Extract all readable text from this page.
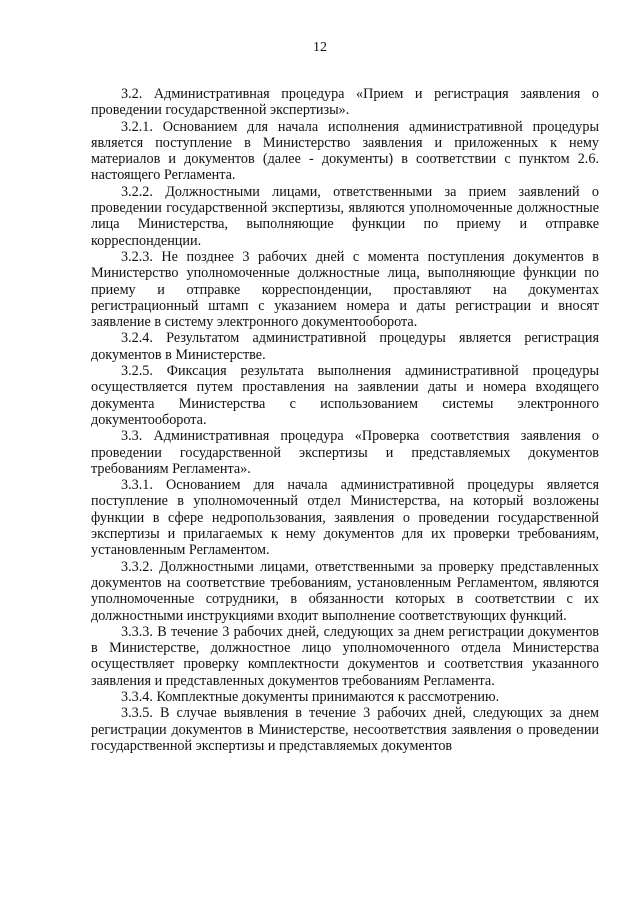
12

3.2. Административная процедура «Прием и регистрация заявления о проведении государственной экспертизы».

3.2.1. Основанием для начала исполнения административной процедуры является поступление в Министерство заявления и приложенных к нему материалов и документов (далее - документы) в соответствии с пунктом 2.6. настоящего Регламента.

3.2.2. Должностными лицами, ответственными за прием заявлений о проведении государственной экспертизы, являются уполномоченные должностные лица Министерства, выполняющие функции по приему и отправке корреспонденции.

3.2.3. Не позднее 3 рабочих дней с момента поступления документов в Министерство уполномоченные должностные лица, выполняющие функции по приему и отправке корреспонденции, проставляют на документах регистрационный штамп с указанием номера и даты регистрации и вносят заявление в систему электронного документооборота.

3.2.4. Результатом административной процедуры является регистрация документов в Министерстве.

3.2.5. Фиксация результата выполнения административной процедуры осуществляется путем проставления на заявлении даты и номера входящего документа Министерства с использованием системы электронного документооборота.

3.3. Административная процедура «Проверка соответствия заявления о проведении государственной экспертизы и представляемых документов требованиям Регламента».

3.3.1. Основанием для начала административной процедуры является поступление в уполномоченный отдел Министерства, на который возложены функции в сфере недропользования, заявления о проведении государственной экспертизы и прилагаемых к нему документов для их проверки требованиям, установленным Регламентом.

3.3.2. Должностными лицами, ответственными за проверку представленных документов на соответствие требованиям, установленным Регламентом, являются уполномоченные сотрудники, в обязанности которых в соответствии с их должностными инструкциями входит выполнение соответствующих функций.

3.3.3. В течение 3 рабочих дней, следующих за днем регистрации документов в Министерстве, должностное лицо уполномоченного отдела Министерства осуществляет проверку комплектности документов и соответствия указанного заявления и представленных документов требованиям Регламента.

3.3.4. Комплектные документы принимаются к рассмотрению.

3.3.5. В случае выявления в течение 3 рабочих дней, следующих за днем регистрации документов в Министерстве, несоответствия заявления о проведении государственной экспертизы и представляемых документов
